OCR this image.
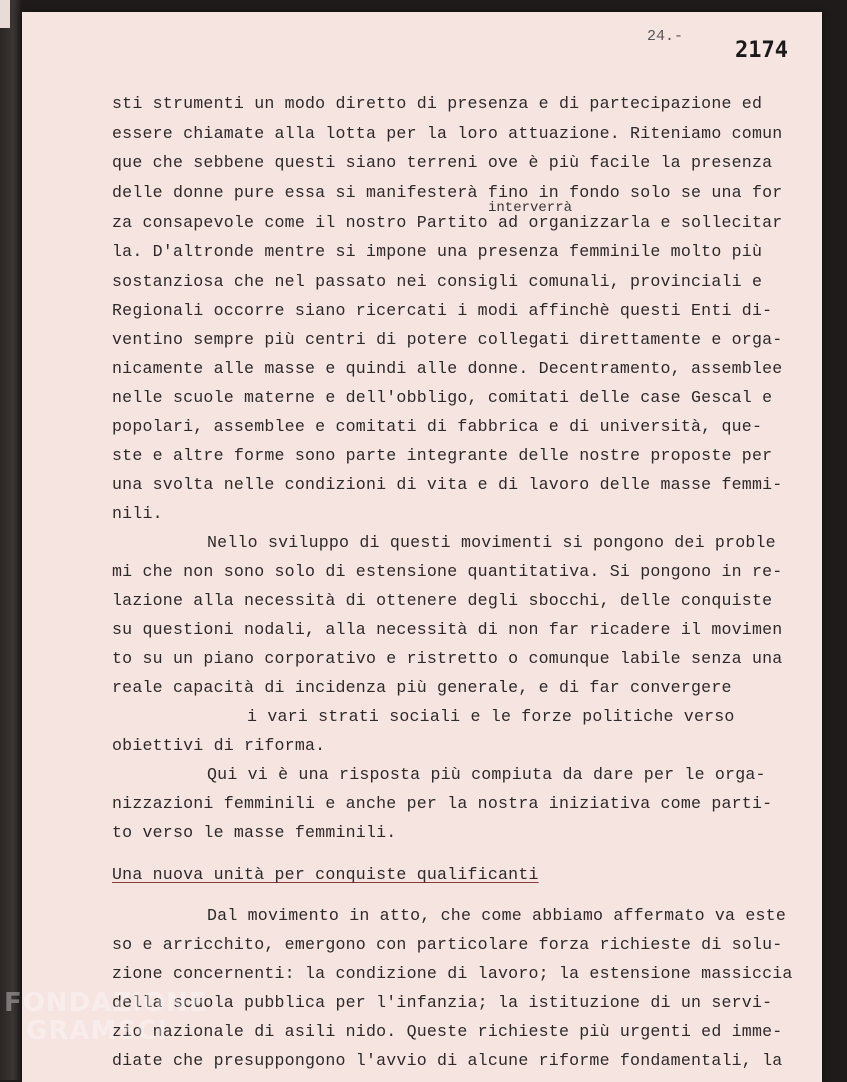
24.-
2174
interverrà
sti strumenti un modo diretto di presenza e di partecipazione ed
essere chiamate alla lotta per la loro attuazione. Riteniamo comun
que che sebbene questi siano terreni ove è più facile la presenza
delle donne pure essa si manifesterà fino in fondo solo se una for
za consapevole come il nostro Partito ad organizzarla e sollecitar
la. D'altronde mentre si impone una presenza femminile molto più
sostanziosa che nel passato nei consigli comunali, provinciali e
Regionali occorre siano ricercati i modi affinchè questi Enti di-
ventino sempre più centri di potere collegati direttamente e orga-
nicamente alle masse e quindi alle donne. Decentramento, assemblee
nelle scuole materne e dell'obbligo, comitati delle case Gescal e
popolari, assemblee e comitati di fabbrica e di università, que-
ste e altre forme sono parte integrante delle nostre proposte per
una svolta nelle condizioni di vita e di lavoro delle masse femmi-
nili.
Nello sviluppo di questi movimenti si pongono dei proble
mi che non sono solo di estensione quantitativa. Si pongono in re-
lazione alla necessità di ottenere degli sbocchi, delle conquiste
su questioni nodali, alla necessità di non far ricadere il movimen
to su un piano corporativo e ristretto o comunque labile senza una
reale capacità di incidenza più generale, e di far convergere
i vari strati sociali e le forze politiche verso
obiettivi di riforma.
Qui vi è una risposta più compiuta da dare per le orga-
nizzazioni femminili e anche per la nostra iniziativa come parti-
to verso le masse femminili.
Una nuova unità per conquiste qualificanti
Dal movimento in atto, che come abbiamo affermato va este
so e arricchito, emergono con particolare forza richieste di solu-
zione concernenti: la condizione di lavoro; la estensione massiccia
della scuola pubblica per l'infanzia; la istituzione di un servi-
zio nazionale di asili nido. Queste richieste più urgenti ed imme-
diate che presuppongono l'avvio di alcune riforme fondamentali, la
FONDAZIONE
GRAMSCI
